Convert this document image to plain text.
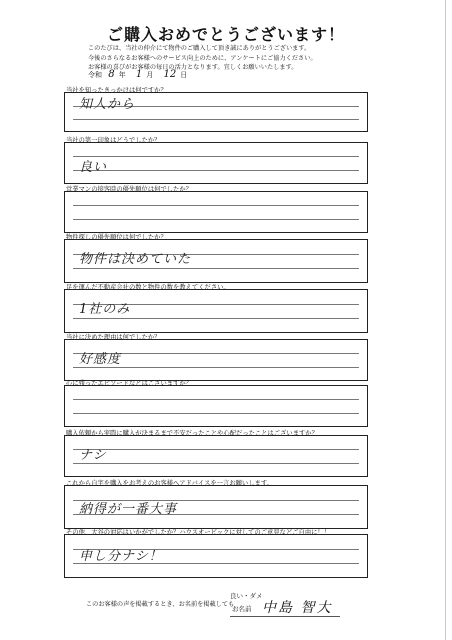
ご購入おめでとうございます！
このたびは、当社の仲介にて物件のご購入して頂き誠にありがとうございます。
今後のさらなるお客様へのサービス向上のために、アンケートにご協力ください。
お客様の喜びがお客様の毎日の活力となります。宜しくお願いいたします。
令和 8 年 1 月 12 日
当社を知ったきっかけは何ですか？
知人から
当社の第一印象はどうでしたか？
良い
営業マンの接客時の優先順位は何でしたか？
物件探しの優先順位は何でしたか？
物件は決めていた
足を運んだ不動産会社の数と物件の数を教えてください。
1社のみ
当社に決めた理由は何でしたか？
好感度
心に残ったエピソードなどはございますか？
購入依頼から実際に購入が決まるまで不安だったことや心配だったことはございますか？
ナシ
これから自宅を購入をお考えのお客様へアドバイスを一言お願いします。
納得が一番大事
その他、大谷の対応はいかがでしたか？ハウスオービックに対してのご意見などご自由に！！
申し分ナシ！
このお客様の声を掲載するとき、お名前を掲載しても
良い・ダメ
お名前 中島 智大
